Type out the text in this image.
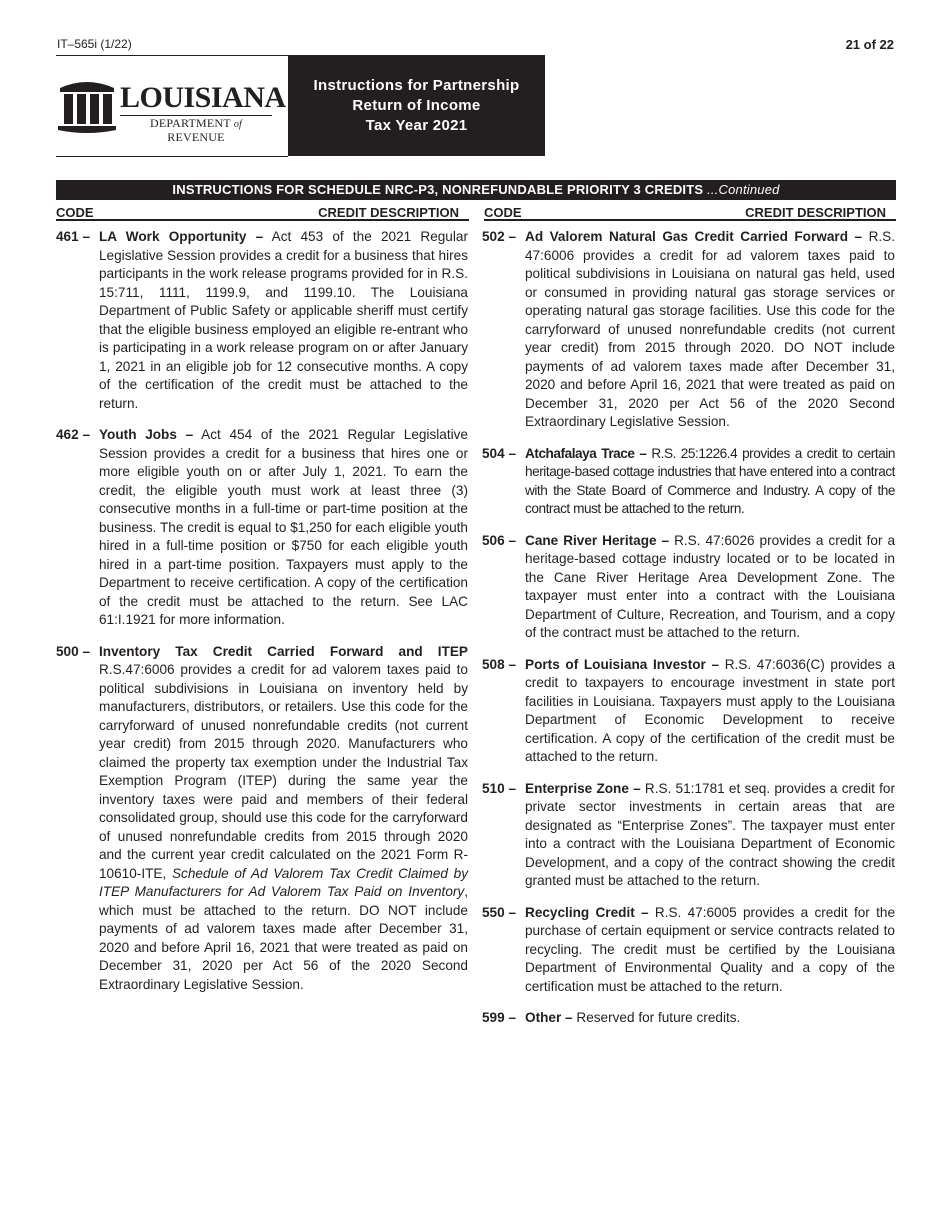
IT–565i (1/22)	21 of 22
LOUISIANA
DEPARTMENT of REVENUE
Instructions for Partnership
Return of Income
Tax Year 2021
INSTRUCTIONS FOR SCHEDULE NRC-P3, NONREFUNDABLE PRIORITY 3 CREDITS ...Continued
CODE	CREDIT DESCRIPTION CODE	CREDIT DESCRIPTION
461 – LA Work Opportunity – Act 453 of the 2021 Regular Legislative Session provides a credit for a business that hires participants in the work release programs provided for in R.S. 15:711, 1111, 1199.9, and 1199.10. The Louisiana Department of Public Safety or applicable sheriff must certify that the eligible business employed an eligible re-entrant who is participating in a work release program on or after January 1, 2021 in an eligible job for 12 consecutive months. A copy of the certification of the credit must be attached to the return.
462 – Youth Jobs – Act 454 of the 2021 Regular Legislative Session provides a credit for a business that hires one or more eligible youth on or after July 1, 2021. To earn the credit, the eligible youth must work at least three (3) consecutive months in a full-time or part-time position at the business. The credit is equal to $1,250 for each eligible youth hired in a full-time position or $750 for each eligible youth hired in a part-time position. Taxpayers must apply to the Department to receive certification. A copy of the certification of the credit must be attached to the return. See LAC 61:I.1921 for more information.
500 – Inventory Tax Credit Carried Forward and ITEP R.S.47:6006 provides a credit for ad valorem taxes paid to political subdivisions in Louisiana on inventory held by manufacturers, distributors, or retailers. Use this code for the carryforward of unused nonrefundable credits (not current year credit) from 2015 through 2020. Manufacturers who claimed the property tax exemption under the Industrial Tax Exemption Program (ITEP) during the same year the inventory taxes were paid and members of their federal consolidated group, should use this code for the carryforward of unused nonrefundable credits from 2015 through 2020 and the current year credit calculated on the 2021 Form R-10610-ITE, Schedule of Ad Valorem Tax Credit Claimed by ITEP Manufacturers for Ad Valorem Tax Paid on Inventory, which must be attached to the return. DO NOT include payments of ad valorem taxes made after December 31, 2020 and before April 16, 2021 that were treated as paid on December 31, 2020 per Act 56 of the 2020 Second Extraordinary Legislative Session.
502 – Ad Valorem Natural Gas Credit Carried Forward – R.S. 47:6006 provides a credit for ad valorem taxes paid to political subdivisions in Louisiana on natural gas held, used or consumed in providing natural gas storage services or operating natural gas storage facilities. Use this code for the carryforward of unused nonrefundable credits (not current year credit) from 2015 through 2020. DO NOT include payments of ad valorem taxes made after December 31, 2020 and before April 16, 2021 that were treated as paid on December 31, 2020 per Act 56 of the 2020 Second Extraordinary Legislative Session.
504 – Atchafalaya Trace – R.S. 25:1226.4 provides a credit to certain heritage-based cottage industries that have entered into a contract with the State Board of Commerce and Industry. A copy of the contract must be attached to the return.
506 – Cane River Heritage – R.S. 47:6026 provides a credit for a heritage-based cottage industry located or to be located in the Cane River Heritage Area Development Zone. The taxpayer must enter into a contract with the Louisiana Department of Culture, Recreation, and Tourism, and a copy of the contract must be attached to the return.
508 – Ports of Louisiana Investor – R.S. 47:6036(C) provides a credit to taxpayers to encourage investment in state port facilities in Louisiana. Taxpayers must apply to the Louisiana Department of Economic Development to receive certification. A copy of the certification of the credit must be attached to the return.
510 – Enterprise Zone – R.S. 51:1781 et seq. provides a credit for private sector investments in certain areas that are designated as “Enterprise Zones”. The taxpayer must enter into a contract with the Louisiana Department of Economic Development, and a copy of the contract showing the credit granted must be attached to the return.
550 – Recycling Credit – R.S. 47:6005 provides a credit for the purchase of certain equipment or service contracts related to recycling. The credit must be certified by the Louisiana Department of Environmental Quality and a copy of the certification must be attached to the return.
599 – Other – Reserved for future credits.
